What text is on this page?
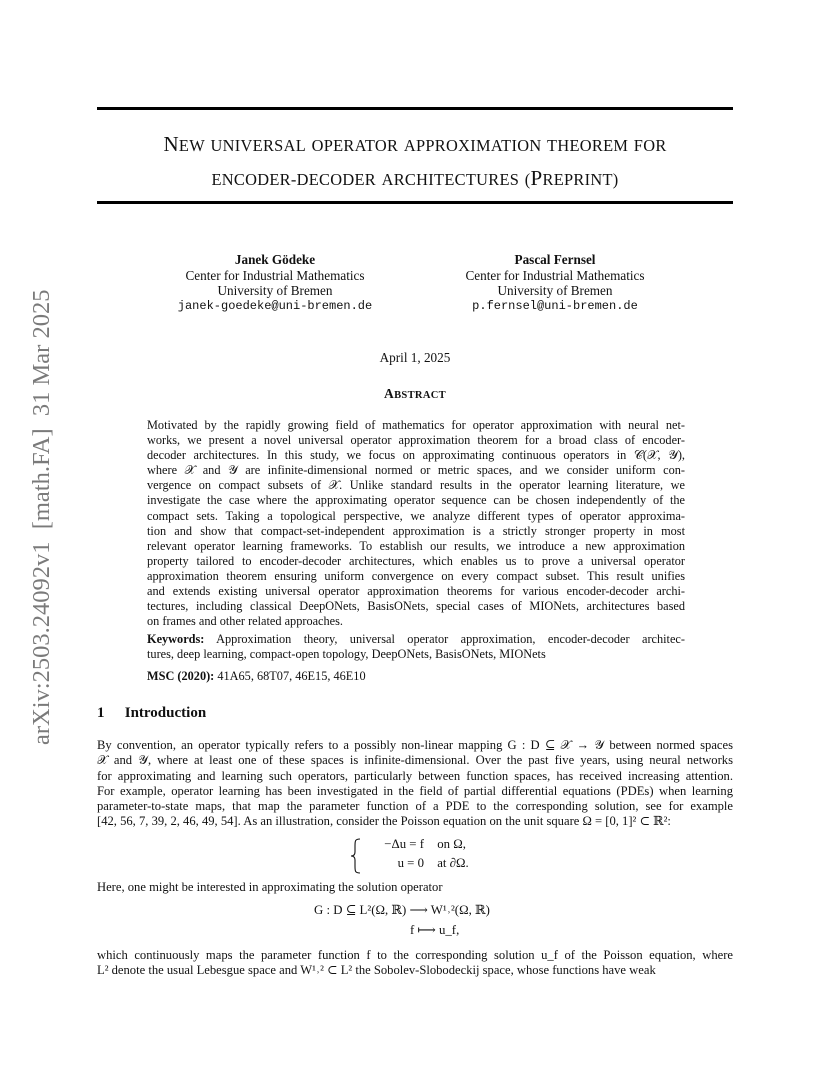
arXiv:2503.24092v1  [math.FA]  31 Mar 2025
NEW UNIVERSAL OPERATOR APPROXIMATION THEOREM FOR
ENCODER-DECODER ARCHITECTURES (PREPRINT)
Janek Gödeke
Center for Industrial Mathematics
University of Bremen
janek-goedeke@uni-bremen.de
Pascal Fernsel
Center for Industrial Mathematics
University of Bremen
p.fernsel@uni-bremen.de
April 1, 2025
ABSTRACT
Motivated by the rapidly growing field of mathematics for operator approximation with neural net-
works, we present a novel universal operator approximation theorem for a broad class of encoder-
decoder architectures. In this study, we focus on approximating continuous operators in 𝒞(𝒳, 𝒴),
where 𝒳 and 𝒴 are infinite-dimensional normed or metric spaces, and we consider uniform con-
vergence on compact subsets of 𝒳. Unlike standard results in the operator learning literature, we
investigate the case where the approximating operator sequence can be chosen independently of the
compact sets. Taking a topological perspective, we analyze different types of operator approxima-
tion and show that compact-set-independent approximation is a strictly stronger property in most
relevant operator learning frameworks. To establish our results, we introduce a new approximation
property tailored to encoder-decoder architectures, which enables us to prove a universal operator
approximation theorem ensuring uniform convergence on every compact subset. This result unifies
and extends existing universal operator approximation theorems for various encoder-decoder archi-
tectures, including classical DeepONets, BasisONets, special cases of MIONets, architectures based
on frames and other related approaches.
Keywords: Approximation theory, universal operator approximation, encoder-decoder architec-
tures, deep learning, compact-open topology, DeepONets, BasisONets, MIONets
MSC (2020): 41A65, 68T07, 46E15, 46E10
1 Introduction
By convention, an operator typically refers to a possibly non-linear mapping G : D ⊆ 𝒳 → 𝒴 between normed spaces
𝒳 and 𝒴, where at least one of these spaces is infinite-dimensional. Over the past five years, using neural networks
for approximating and learning such operators, particularly between function spaces, has received increasing attention.
For example, operator learning has been investigated in the field of partial differential equations (PDEs) when learning
parameter-to-state maps, that map the parameter function of a PDE to the corresponding solution, see for example
[42, 56, 7, 39, 2, 46, 49, 54]. As an illustration, consider the Poisson equation on the unit square Ω = [0, 1]² ⊂ ℝ²:
−Δu = f on Ω,
u = 0 at ∂Ω.
Here, one might be interested in approximating the solution operator
G : D ⊆ L²(Ω, ℝ) ⟶ W¹˒²(Ω, ℝ)
f ⟼ u_f,
which continuously maps the parameter function f to the corresponding solution u_f of the Poisson equation, where
L² denote the usual Lebesgue space and W¹˒² ⊂ L² the Sobolev-Slobodeckij space, whose functions have weak
